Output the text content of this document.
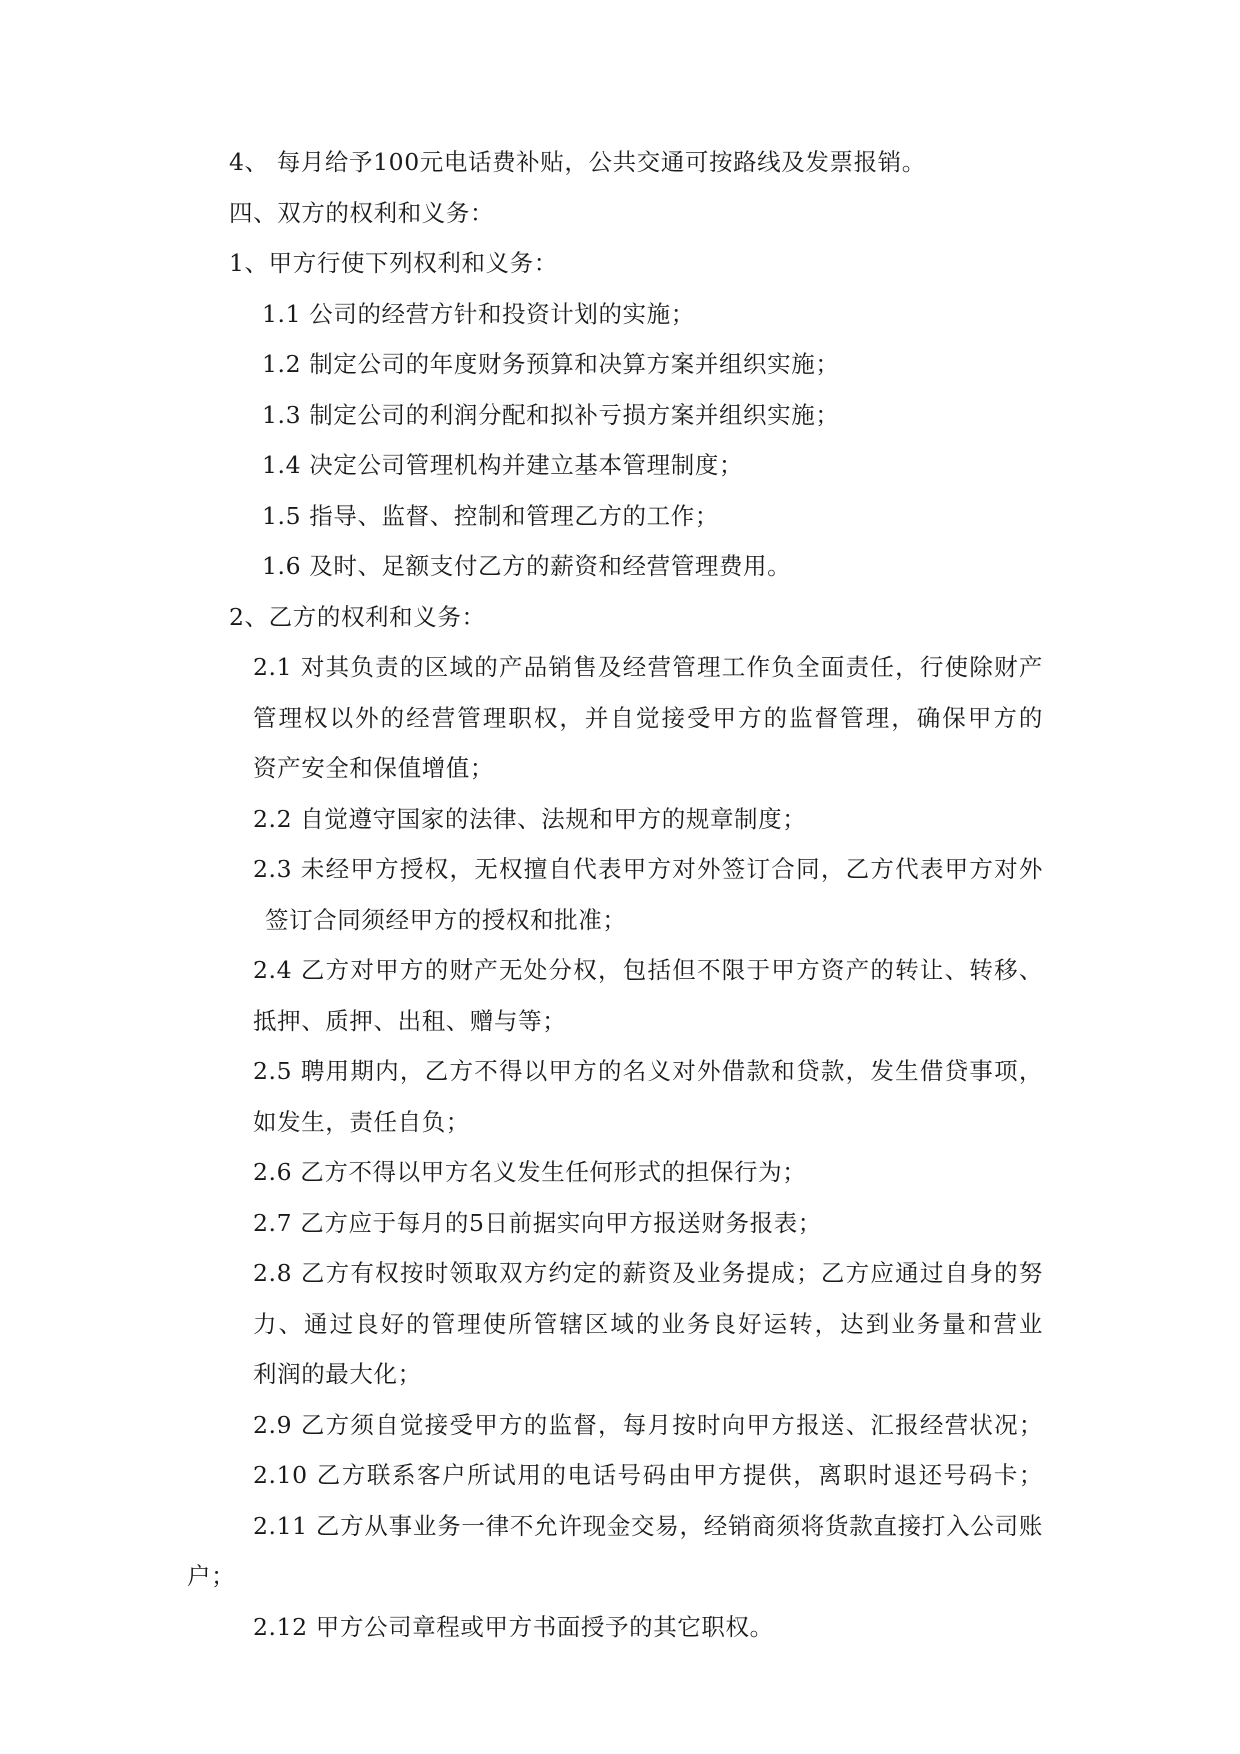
4、 每月给予100元电话费补贴，公共交通可按路线及发票报销。
四、双方的权利和义务：
1、甲方行使下列权利和义务：
1.1 公司的经营方针和投资计划的实施；
1.2 制定公司的年度财务预算和决算方案并组织实施；
1.3 制定公司的利润分配和拟补亏损方案并组织实施；
1.4 决定公司管理机构并建立基本管理制度；
1.5 指导、监督、控制和管理乙方的工作；
1.6 及时、足额支付乙方的薪资和经营管理费用。
2、乙方的权利和义务：
2.1 对其负责的区域的产品销售及经营管理工作负全面责任，行使除财产
管理权以外的经营管理职权，并自觉接受甲方的监督管理，确保甲方的
资产安全和保值增值；
2.2 自觉遵守国家的法律、法规和甲方的规章制度；
2.3 未经甲方授权，无权擅自代表甲方对外签订合同，乙方代表甲方对外
签订合同须经甲方的授权和批准；
2.4 乙方对甲方的财产无处分权，包括但不限于甲方资产的转让、转移、
抵押、质押、出租、赠与等；
2.5 聘用期内，乙方不得以甲方的名义对外借款和贷款，发生借贷事项，
如发生，责任自负；
2.6 乙方不得以甲方名义发生任何形式的担保行为；
2.7 乙方应于每月的5日前据实向甲方报送财务报表；
2.8 乙方有权按时领取双方约定的薪资及业务提成；乙方应通过自身的努
力、通过良好的管理使所管辖区域的业务良好运转，达到业务量和营业
利润的最大化；
2.9 乙方须自觉接受甲方的监督，每月按时向甲方报送、汇报经营状况；
2.10 乙方联系客户所试用的电话号码由甲方提供，离职时退还号码卡；
2.11 乙方从事业务一律不允许现金交易，经销商须将货款直接打入公司账
户；
2.12 甲方公司章程或甲方书面授予的其它职权。
